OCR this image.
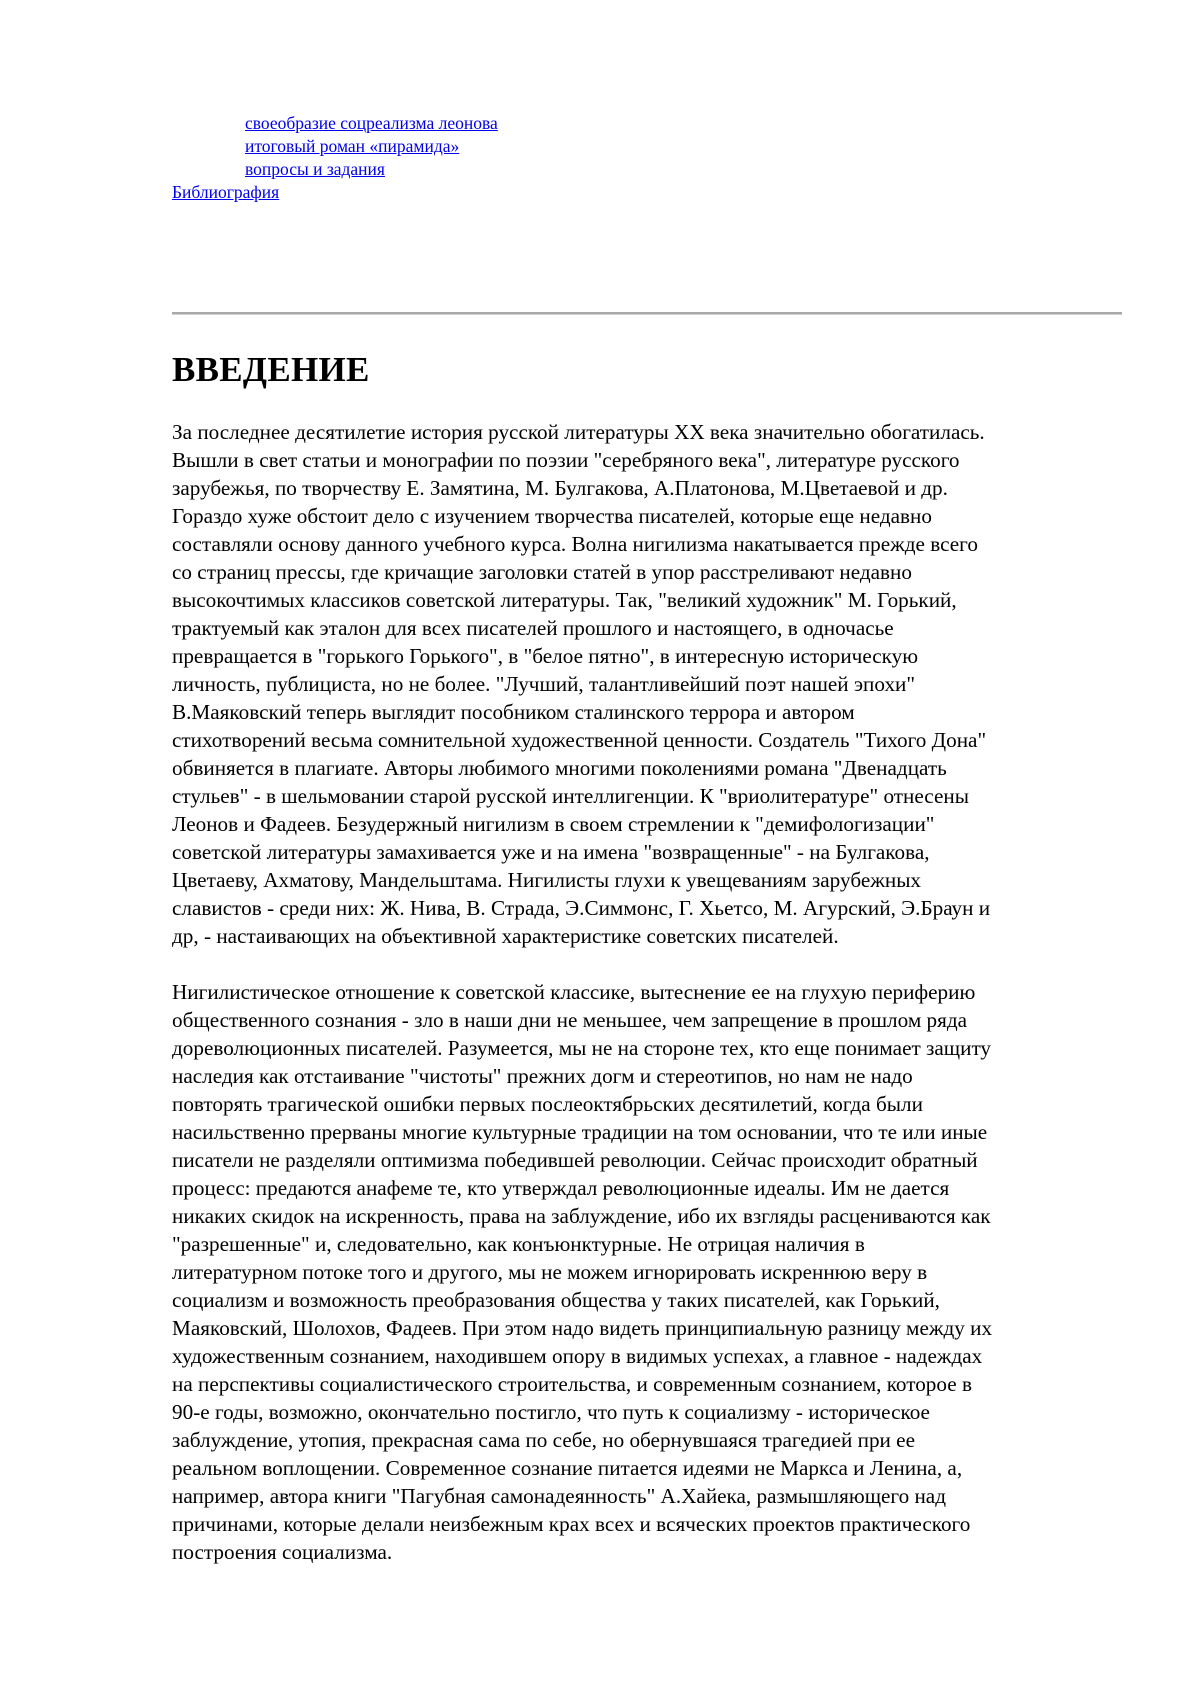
своеобразие соцреализма леонова
итоговый роман «пирамида»
вопросы и задания
Библиография
ВВЕДЕНИЕ

За последнее десятилетие история русской литературы XX века значительно обогатилась.
Вышли в свет статьи и монографии по поэзии "серебряного века", литературе русского
зарубежья, по творчеству Е. Замятина, М. Булгакова, А.Платонова, М.Цветаевой и др.
Гораздо хуже обстоит дело с изучением творчества писателей, которые еще недавно
составляли основу данного учебного курса. Волна нигилизма накатывается прежде всего
со страниц прессы, где кричащие заголовки статей в упор расстреливают недавно
высокочтимых классиков советской литературы. Так, "великий художник" М. Горький,
трактуемый как эталон для всех писателей прошлого и настоящего, в одночасье
превращается в "горького Горького", в "белое пятно", в интересную историческую
личность, публициста, но не более. "Лучший, талантливейший поэт нашей эпохи"
В.Маяковский теперь выглядит пособником сталинского террора и автором
стихотворений весьма сомнительной художественной ценности. Создатель "Тихого Дона"
обвиняется в плагиате. Авторы любимого многими поколениями романа "Двенадцать
стульев" - в шельмовании старой русской интеллигенции. К "вриолитературе" отнесены
Леонов и Фадеев. Безудержный нигилизм в своем стремлении к "демифологизации"
советской литературы замахивается уже и на имена "возвращенные" - на Булгакова,
Цветаеву, Ахматову, Мандельштама. Нигилисты глухи к увещеваниям зарубежных
славистов - среди них: Ж. Нива, В. Страда, Э.Симмонс, Г. Хьетсо, М. Агурский, Э.Браун и
др, - настаивающих на объективной характеристике советских писателей.

Нигилистическое отношение к советской классике, вытеснение ее на глухую периферию
общественного сознания - зло в наши дни не меньшее, чем запрещение в прошлом ряда
дореволюционных писателей. Разумеется, мы не на стороне тех, кто еще понимает защиту
наследия как отстаивание "чистоты" прежних догм и стереотипов, но нам не надо
повторять трагической ошибки первых послеоктябрьских десятилетий, когда были
насильственно прерваны многие культурные традиции на том основании, что те или иные
писатели не разделяли оптимизма победившей революции. Сейчас происходит обратный
процесс: предаются анафеме те, кто утверждал революционные идеалы. Им не дается
никаких скидок на искренность, права на заблуждение, ибо их взгляды расцениваются как
"разрешенные" и, следовательно, как конъюнктурные. Не отрицая наличия в
литературном потоке того и другого, мы не можем игнорировать искреннюю веру в
социализм и возможность преобразования общества у таких писателей, как Горький,
Маяковский, Шолохов, Фадеев. При этом надо видеть принципиальную разницу между их
художественным сознанием, находившем опору в видимых успехах, а главное - надеждах
на перспективы социалистического строительства, и современным сознанием, которое в
90-е годы, возможно, окончательно постигло, что путь к социализму - историческое
заблуждение, утопия, прекрасная сама по себе, но обернувшаяся трагедией при ее
реальном воплощении. Современное сознание питается идеями не Маркса и Ленина, а,
например, автора книги "Пагубная самонадеянность" А.Хайека, размышляющего над
причинами, которые делали неизбежным крах всех и всяческих проектов практического
построения социализма.
